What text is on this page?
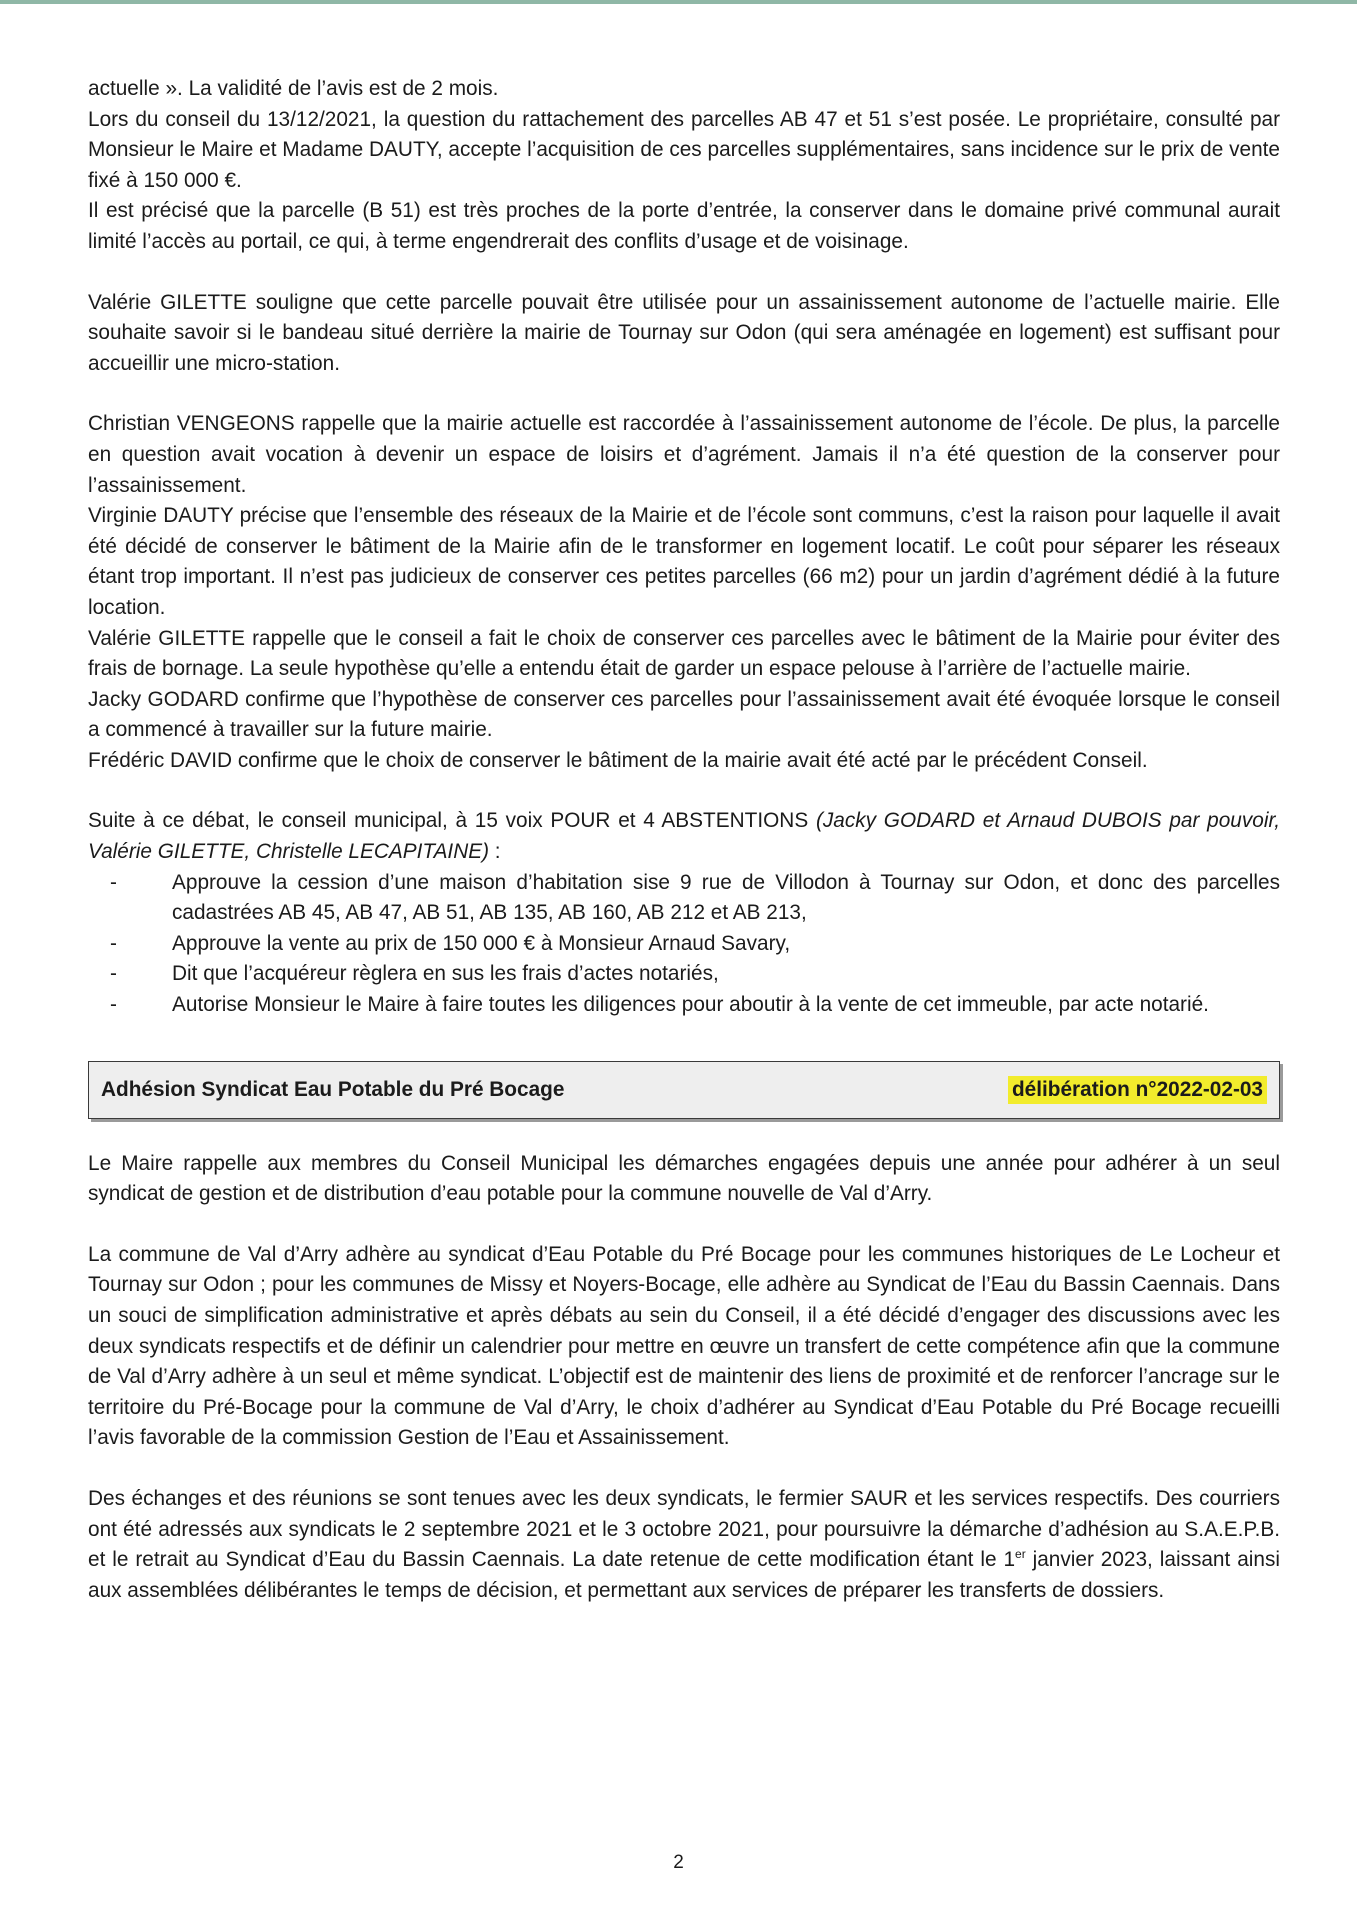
actuelle ». La validité de l’avis est de 2 mois.

Lors du conseil du 13/12/2021, la question du rattachement des parcelles AB 47 et 51 s’est posée. Le propriétaire, consulté par Monsieur le Maire et Madame DAUTY, accepte l’acquisition de ces parcelles supplémentaires, sans incidence sur le prix de vente fixé à 150 000 €.

Il est précisé que la parcelle (B 51) est très proches de la porte d’entrée, la conserver dans le domaine privé communal aurait limité l’accès au portail, ce qui, à terme engendrerait des conflits d’usage et de voisinage.

Valérie GILETTE souligne que cette parcelle pouvait être utilisée pour un assainissement autonome de l’actuelle mairie. Elle souhaite savoir si le bandeau situé derrière la mairie de Tournay sur Odon (qui sera aménagée en logement) est suffisant pour accueillir une micro-station.

Christian VENGEONS rappelle que la mairie actuelle est raccordée à l’assainissement autonome de l’école. De plus, la parcelle en question avait vocation à devenir un espace de loisirs et d’agrément. Jamais il n’a été question de la conserver pour l’assainissement.

Virginie DAUTY précise que l’ensemble des réseaux de la Mairie et de l’école sont communs, c’est la raison pour laquelle il avait été décidé de conserver le bâtiment de la Mairie afin de le transformer en logement locatif. Le coût pour séparer les réseaux étant trop important. Il n’est pas judicieux de conserver ces petites parcelles (66 m2) pour un jardin d’agrément dédié à la future location.

Valérie GILETTE rappelle que le conseil a fait le choix de conserver ces parcelles avec le bâtiment de la Mairie pour éviter des frais de bornage. La seule hypothèse qu’elle a entendu était de garder un espace pelouse à l’arrière de l’actuelle mairie.

Jacky GODARD confirme que l’hypothèse de conserver ces parcelles pour l’assainissement avait été évoquée lorsque le conseil a commencé à travailler sur la future mairie.

Frédéric DAVID confirme que le choix de conserver le bâtiment de la mairie avait été acté par le précédent Conseil.

Suite à ce débat, le conseil municipal, à 15 voix POUR et 4 ABSTENTIONS (Jacky GODARD et Arnaud DUBOIS par pouvoir, Valérie GILETTE, Christelle LECAPITAINE) :

- Approuve la cession d’une maison d’habitation sise 9 rue de Villodon à Tournay sur Odon, et donc des parcelles cadastrées AB 45, AB 47, AB 51, AB 135, AB 160, AB 212 et AB 213,
- Approuve la vente au prix de 150 000 € à Monsieur Arnaud Savary,
- Dit que l’acquéreur règlera en sus les frais d’actes notariés,
- Autorise Monsieur le Maire à faire toutes les diligences pour aboutir à la vente de cet immeuble, par acte notarié.
Adhésion Syndicat Eau Potable du Pré Bocage	délibération n°2022-02-03

Le Maire rappelle aux membres du Conseil Municipal les démarches engagées depuis une année pour adhérer à un seul syndicat de gestion et de distribution d’eau potable pour la commune nouvelle de Val d’Arry.

La commune de Val d’Arry adhère au syndicat d’Eau Potable du Pré Bocage pour les communes historiques de Le Locheur et Tournay sur Odon ; pour les communes de Missy et Noyers-Bocage, elle adhère au Syndicat de l’Eau du Bassin Caennais. Dans un souci de simplification administrative et après débats au sein du Conseil, il a été décidé d’engager des discussions avec les deux syndicats respectifs et de définir un calendrier pour mettre en œuvre un transfert de cette compétence afin que la commune de Val d’Arry adhère à un seul et même syndicat. L’objectif est de maintenir des liens de proximité et de renforcer l’ancrage sur le territoire du Pré-Bocage pour la commune de Val d’Arry, le choix d’adhérer au Syndicat d’Eau Potable du Pré Bocage recueilli l’avis favorable de la commission Gestion de l’Eau et Assainissement.

Des échanges et des réunions se sont tenues avec les deux syndicats, le fermier SAUR et les services respectifs. Des courriers ont été adressés aux syndicats le 2 septembre 2021 et le 3 octobre 2021, pour poursuivre la démarche d’adhésion au S.A.E.P.B. et le retrait au Syndicat d’Eau du Bassin Caennais. La date retenue de cette modification étant le 1er janvier 2023, laissant ainsi aux assemblées délibérantes le temps de décision, et permettant aux services de préparer les transferts de dossiers.

2
